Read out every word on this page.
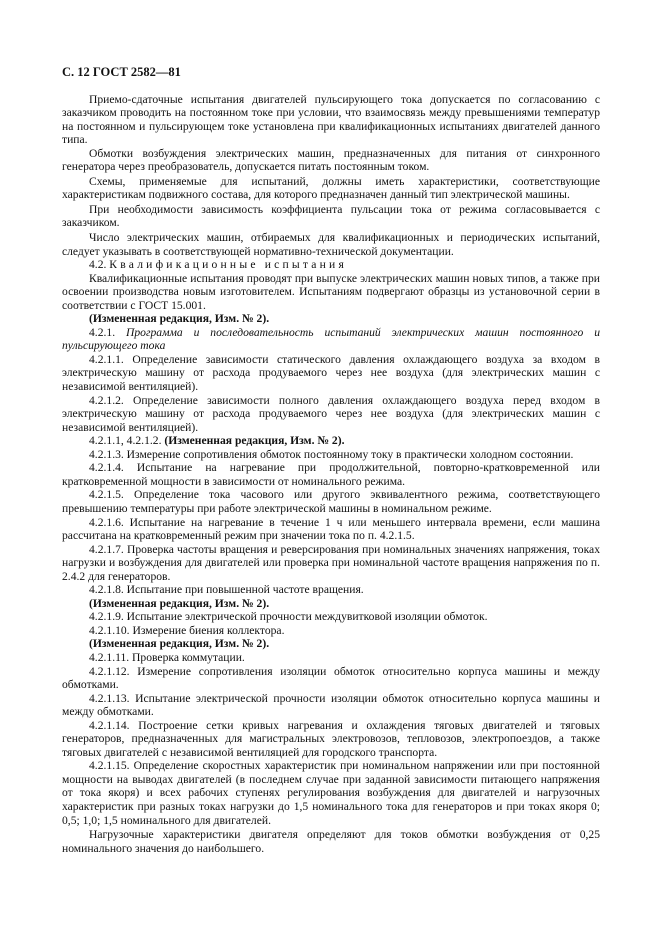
С. 12 ГОСТ 2582—81

Приемо-сдаточные испытания двигателей пульсирующего тока допускается по согласованию с заказчиком проводить на постоянном токе при условии, что взаимосвязь между превышениями температур на постоянном и пульсирующем токе установлена при квалификационных испытаниях двигателей данного типа.

Обмотки возбуждения электрических машин, предназначенных для питания от синхронного генератора через преобразователь, допускается питать постоянным током.

Схемы, применяемые для испытаний, должны иметь характеристики, соответствующие характеристикам подвижного состава, для которого предназначен данный тип электрической машины.

При необходимости зависимость коэффициента пульсации тока от режима согласовывается с заказчиком.

Число электрических машин, отбираемых для квалификационных и периодических испытаний, следует указывать в соответствующей нормативно-технической документации.

4.2. Квалификационные испытания

Квалификационные испытания проводят при выпуске электрических машин новых типов, а также при освоении производства новым изготовителем. Испытаниям подвергают образцы из установочной серии в соответствии с ГОСТ 15.001.

(Измененная редакция, Изм. № 2).

4.2.1. Программа и последовательность испытаний электрических машин постоянного и пульсирующего тока

4.2.1.1. Определение зависимости статического давления охлаждающего воздуха за входом в электрическую машину от расхода продуваемого через нее воздуха (для электрических машин с независимой вентиляцией).

4.2.1.2. Определение зависимости полного давления охлаждающего воздуха перед входом в электрическую машину от расхода продуваемого через нее воздуха (для электрических машин с независимой вентиляцией).

4.2.1.1, 4.2.1.2. (Измененная редакция, Изм. № 2).

4.2.1.3. Измерение сопротивления обмоток постоянному току в практически холодном состоянии.

4.2.1.4. Испытание на нагревание при продолжительной, повторно-кратковременной или кратковременной мощности в зависимости от номинального режима.

4.2.1.5. Определение тока часового или другого эквивалентного режима, соответствующего превышению температуры при работе электрической машины в номинальном режиме.

4.2.1.6. Испытание на нагревание в течение 1 ч или меньшего интервала времени, если машина рассчитана на кратковременный режим при значении тока по п. 4.2.1.5.

4.2.1.7. Проверка частоты вращения и реверсирования при номинальных значениях напряжения, токах нагрузки и возбуждения для двигателей или проверка при номинальной частоте вращения напряжения по п. 2.4.2 для генераторов.

4.2.1.8. Испытание при повышенной частоте вращения.

(Измененная редакция, Изм. № 2).

4.2.1.9. Испытание электрической прочности междувитковой изоляции обмоток.

4.2.1.10. Измерение биения коллектора.

(Измененная редакция, Изм. № 2).

4.2.1.11. Проверка коммутации.

4.2.1.12. Измерение сопротивления изоляции обмоток относительно корпуса машины и между обмотками.

4.2.1.13. Испытание электрической прочности изоляции обмоток относительно корпуса машины и между обмотками.

4.2.1.14. Построение сетки кривых нагревания и охлаждения тяговых двигателей и тяговых генераторов, предназначенных для магистральных электровозов, тепловозов, электропоездов, а также тяговых двигателей с независимой вентиляцией для городского транспорта.

4.2.1.15. Определение скоростных характеристик при номинальном напряжении или при постоянной мощности на выводах двигателей (в последнем случае при заданной зависимости питающего напряжения от тока якоря) и всех рабочих ступенях регулирования возбуждения для двигателей и нагрузочных характеристик при разных токах нагрузки до 1,5 номинального тока для генераторов и при токах якоря 0; 0,5; 1,0; 1,5 номинального для двигателей.

Нагрузочные характеристики двигателя определяют для токов обмотки возбуждения от 0,25 номинального значения до наибольшего.
